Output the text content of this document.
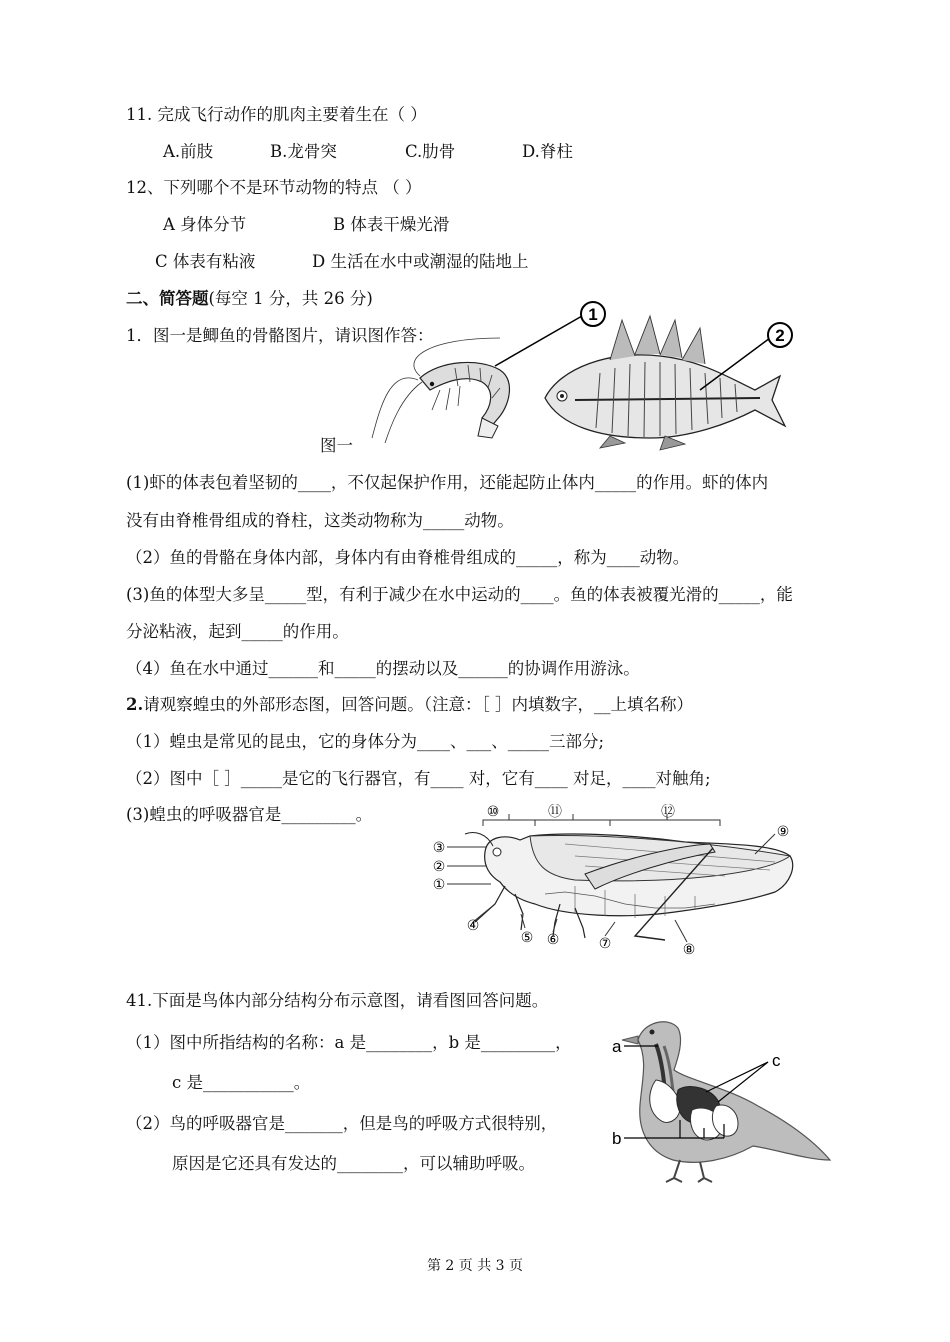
11. 完成飞行动作的肌肉主要着生在（ ）
A.前肢	B.龙骨突	C.肋骨	D.脊柱
12、下列哪个不是环节动物的特点 （ ）
A 身体分节	B 体表干燥光滑
C 体表有粘液	D 生活在水中或潮湿的陆地上
二、简答题(每空 1 分，共 26 分)
1．图一是鲫鱼的骨骼图片，请识图作答：
1
2
图一
(1)虾的体表包着坚韧的____，不仅起保护作用，还能起防止体内_____的作用。虾的体内
没有由脊椎骨组成的脊柱，这类动物称为_____动物。
（2）鱼的骨骼在身体内部，身体内有由脊椎骨组成的_____，称为____动物。
(3)鱼的体型大多呈_____型，有利于减少在水中运动的____。鱼的体表被覆光滑的_____，能
分泌粘液，起到_____的作用。
（4）鱼在水中通过______和_____的摆动以及______的协调作用游泳。
2.请观察蝗虫的外部形态图，回答问题。（注意：［ ］内填数字，__上填名称）
（1）蝗虫是常见的昆虫，它的身体分为____、___、_____三部分;
（2）图中［ ］_____是它的飞行器官，有____ 对，它有____ 对足，____对触角;
(3)蝗虫的呼吸器官是_________。
③
②
①
④
⑤ ⑥	⑦	⑧
⑨
⑩	⑪	⑫
41.下面是鸟体内部分结构分布示意图，请看图回答问题。
（1）图中所指结构的名称：a 是________，b 是_________，
c 是___________。
（2）鸟的呼吸器官是_______，但是鸟的呼吸方式很特别，
原因是它还具有发达的________，可以辅助呼吸。
a
b
c
第 2 页 共 3 页
